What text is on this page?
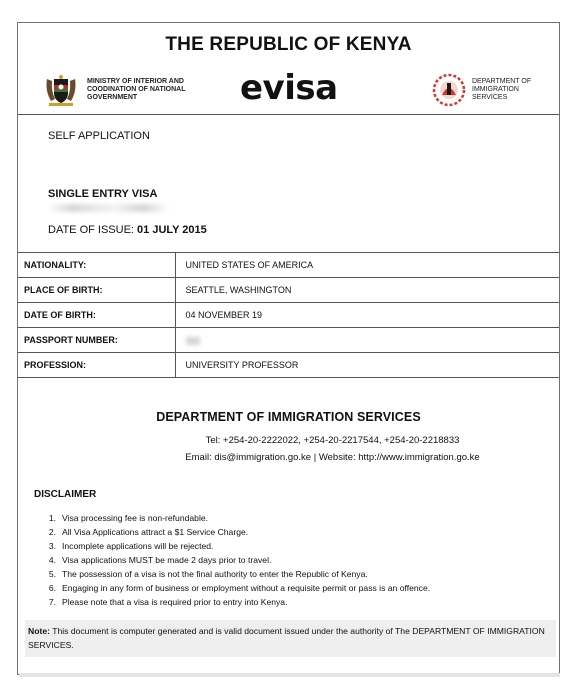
THE REPUBLIC OF KENYA
MINISTRY OF INTERIOR AND COODINATION OF NATIONAL GOVERNMENT	evisa	DEPARTMENT OF IMMIGRATION SERVICES
SELF APPLICATION
SINGLE ENTRY VISA
DATE OF ISSUE: 01 JULY 2015
NATIONALITY:	UNITED STATES OF AMERICA
PLACE OF BIRTH:	SEATTLE, WASHINGTON
DATE OF BIRTH:	04 NOVEMBER 19
PASSPORT NUMBER:	
PROFESSION:	UNIVERSITY PROFESSOR
DEPARTMENT OF IMMIGRATION SERVICES
Tel: +254-20-2222022, +254-20-2217544, +254-20-2218833
Email: dis@immigration.go.ke | Website: http://www.immigration.go.ke
DISCLAIMER
1. Visa processing fee is non-refundable.
2. All Visa Applications attract a $1 Service Charge.
3. Incomplete applications will be rejected.
4. Visa applications MUST be made 2 days prior to travel.
5. The possession of a visa is not the final authority to enter the Republic of Kenya.
6. Engaging in any form of business or employment without a requisite permit or pass is an offence.
7. Please note that a visa is required prior to entry into Kenya.
Note: This document is computer generated and is valid document issued under the authority of The DEPARTMENT OF IMMIGRATION SERVICES.
